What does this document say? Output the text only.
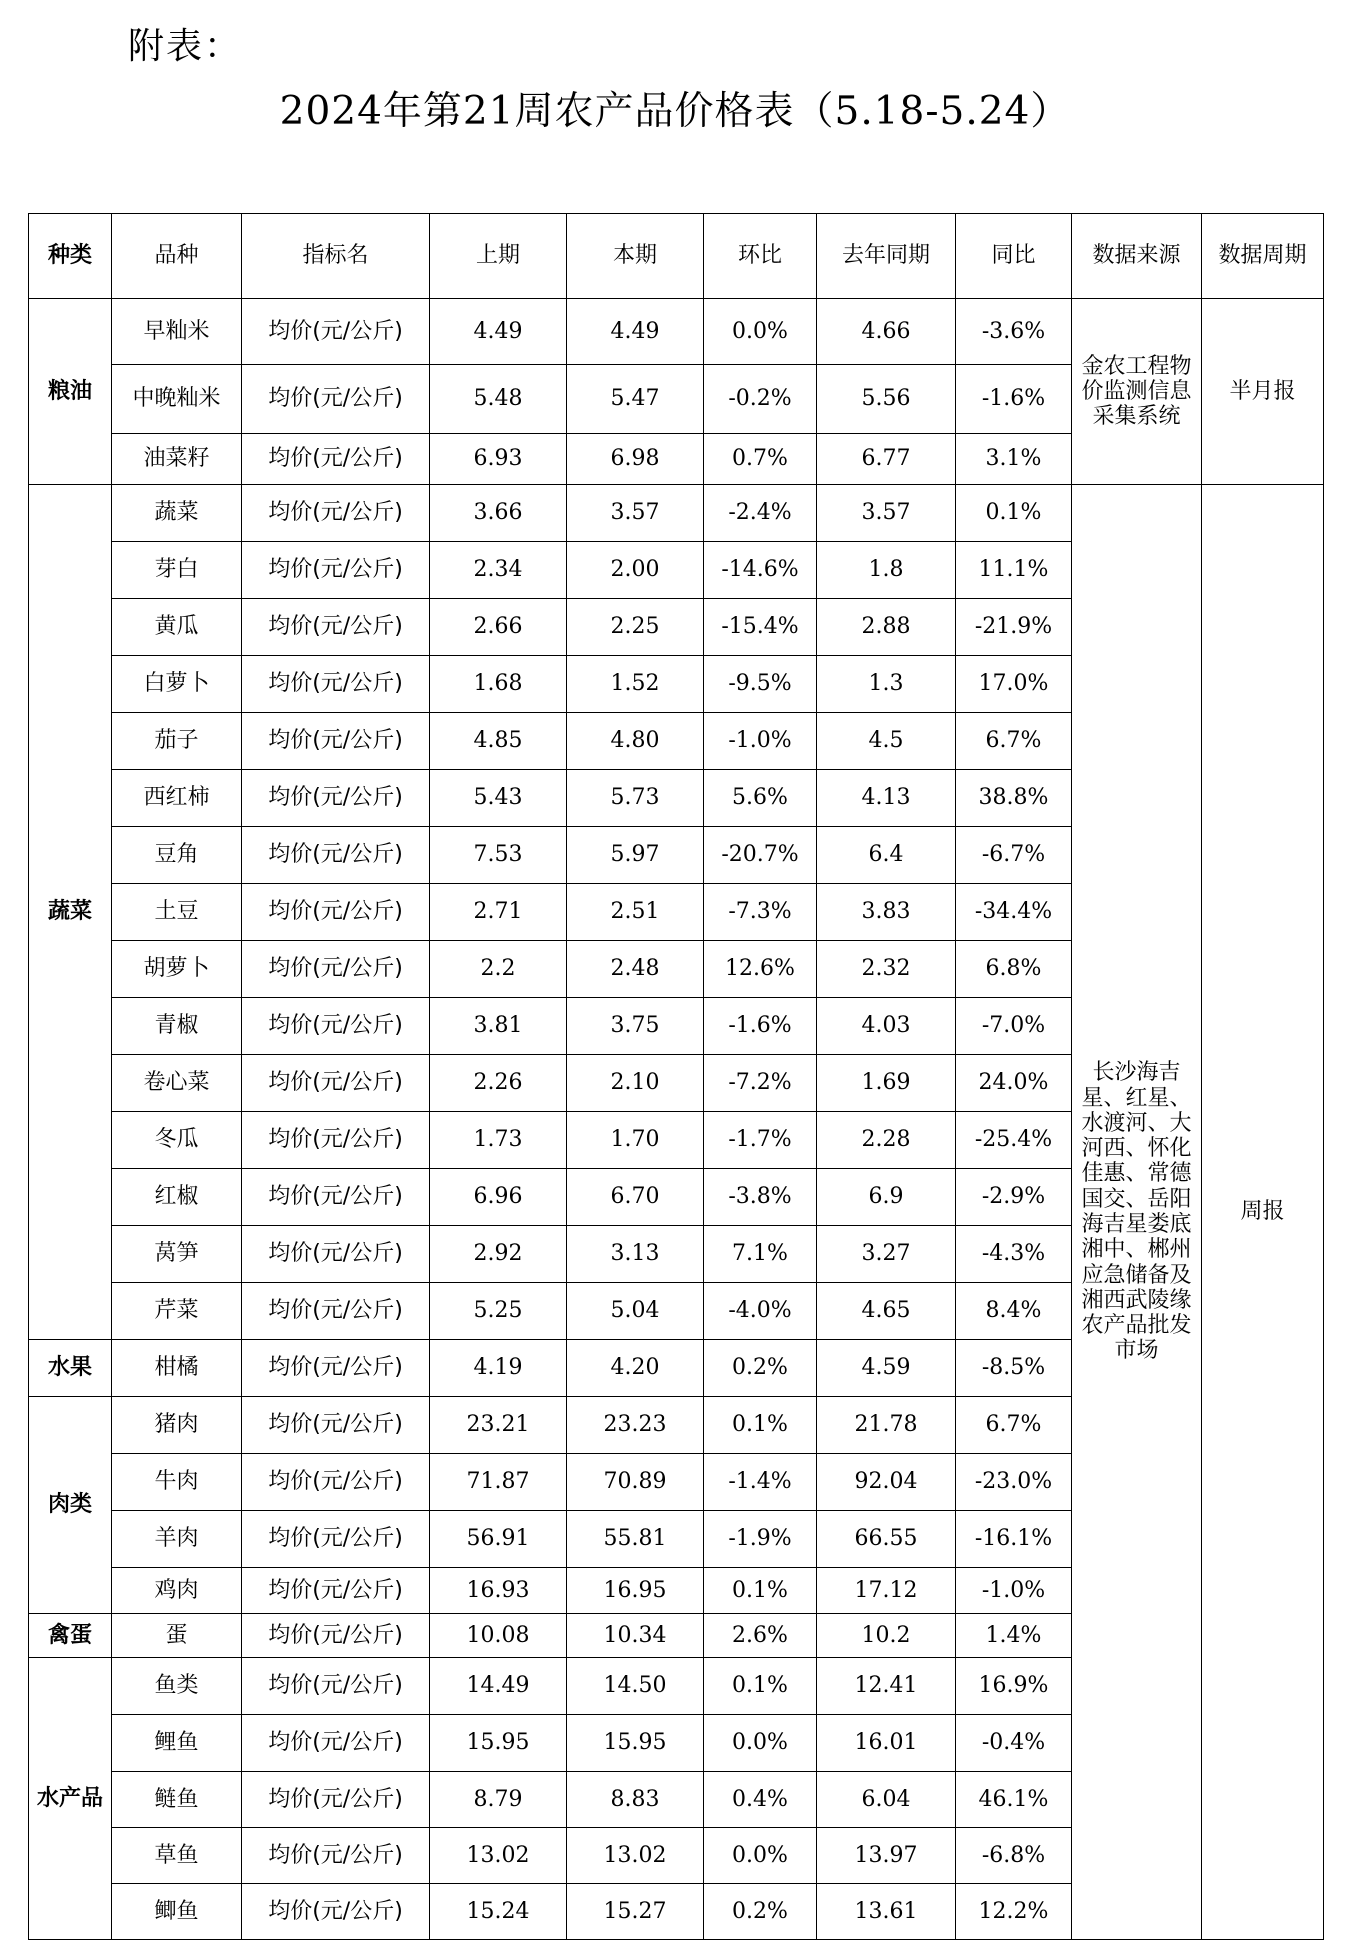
附表：
2024年第21周农产品价格表（5.18-5.24）
种类	品种	指标名	上期	本期	环比	去年同期	同比	数据来源	数据周期
粮油	早籼米	均价(元/公斤)	4.49	4.49	0.0%	4.66	-3.6%	金农工程物价监测信息采集系统	半月报
	中晚籼米	均价(元/公斤)	5.48	5.47	-0.2%	5.56	-1.6%		
	油菜籽	均价(元/公斤)	6.93	6.98	0.7%	6.77	3.1%		
蔬菜	蔬菜	均价(元/公斤)	3.66	3.57	-2.4%	3.57	0.1%	长沙海吉星、红星、水渡河、大河西、怀化佳惠、常德国交、岳阳海吉星娄底湘中、郴州应急储备及湘西武陵缘农产品批发市场	周报
	芽白	均价(元/公斤)	2.34	2.00	-14.6%	1.8	11.1%		
	黄瓜	均价(元/公斤)	2.66	2.25	-15.4%	2.88	-21.9%		
	白萝卜	均价(元/公斤)	1.68	1.52	-9.5%	1.3	17.0%		
	茄子	均价(元/公斤)	4.85	4.80	-1.0%	4.5	6.7%		
	西红柿	均价(元/公斤)	5.43	5.73	5.6%	4.13	38.8%		
	豆角	均价(元/公斤)	7.53	5.97	-20.7%	6.4	-6.7%		
	土豆	均价(元/公斤)	2.71	2.51	-7.3%	3.83	-34.4%		
	胡萝卜	均价(元/公斤)	2.2	2.48	12.6%	2.32	6.8%		
	青椒	均价(元/公斤)	3.81	3.75	-1.6%	4.03	-7.0%		
	卷心菜	均价(元/公斤)	2.26	2.10	-7.2%	1.69	24.0%		
	冬瓜	均价(元/公斤)	1.73	1.70	-1.7%	2.28	-25.4%		
	红椒	均价(元/公斤)	6.96	6.70	-3.8%	6.9	-2.9%		
	莴笋	均价(元/公斤)	2.92	3.13	7.1%	3.27	-4.3%		
	芹菜	均价(元/公斤)	5.25	5.04	-4.0%	4.65	8.4%		
水果	柑橘	均价(元/公斤)	4.19	4.20	0.2%	4.59	-8.5%		
肉类	猪肉	均价(元/公斤)	23.21	23.23	0.1%	21.78	6.7%		
	牛肉	均价(元/公斤)	71.87	70.89	-1.4%	92.04	-23.0%		
	羊肉	均价(元/公斤)	56.91	55.81	-1.9%	66.55	-16.1%		
	鸡肉	均价(元/公斤)	16.93	16.95	0.1%	17.12	-1.0%		
禽蛋	蛋	均价(元/公斤)	10.08	10.34	2.6%	10.2	1.4%		
水产品	鱼类	均价(元/公斤)	14.49	14.50	0.1%	12.41	16.9%		
	鲤鱼	均价(元/公斤)	15.95	15.95	0.0%	16.01	-0.4%		
	鲢鱼	均价(元/公斤)	8.79	8.83	0.4%	6.04	46.1%		
	草鱼	均价(元/公斤)	13.02	13.02	0.0%	13.97	-6.8%		
	鲫鱼	均价(元/公斤)	15.24	15.27	0.2%	13.61	12.2%		
